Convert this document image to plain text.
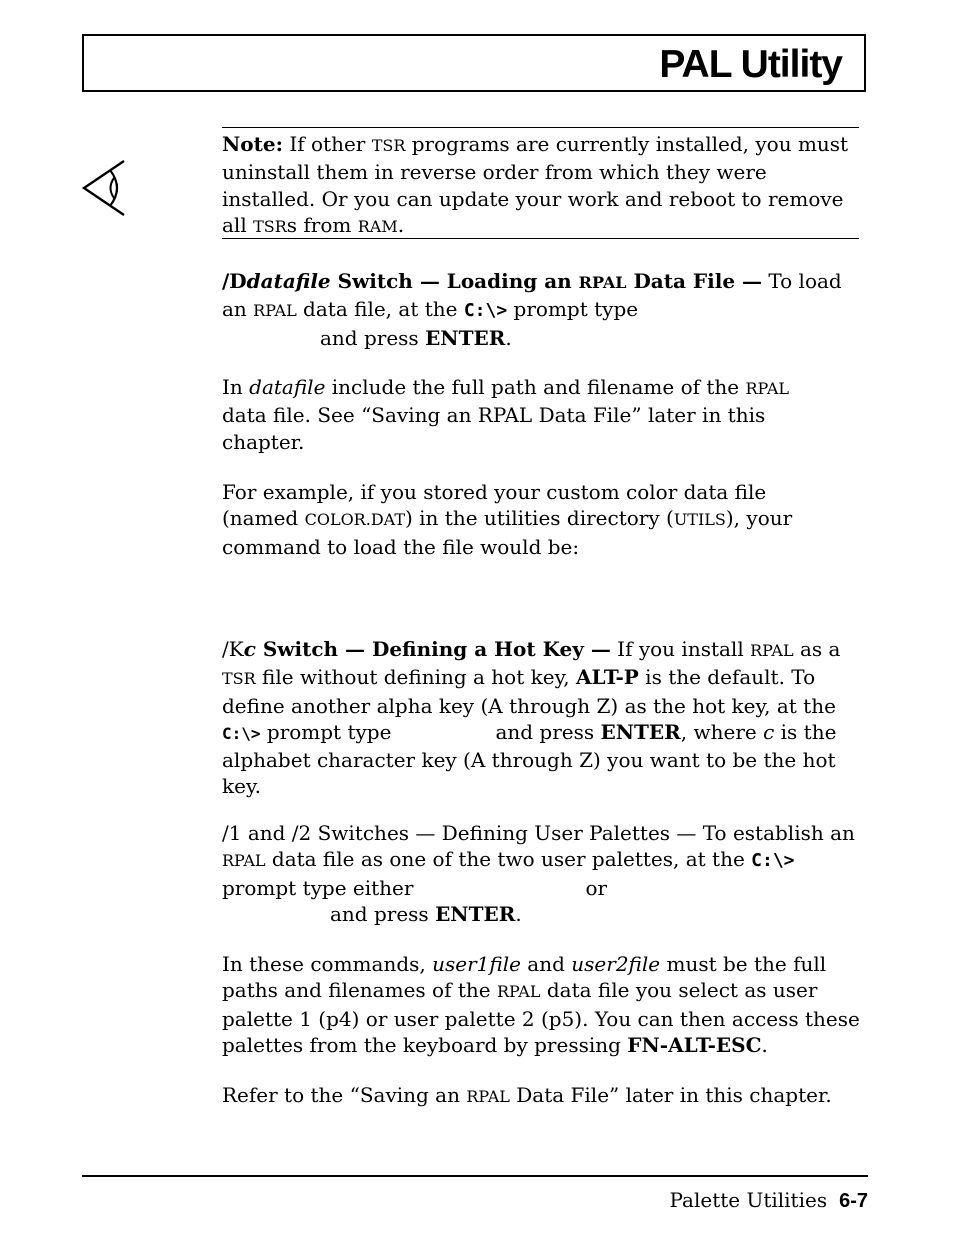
PAL Utility

Note: If other TSR programs are currently installed, you must uninstall them in reverse order from which they were installed. Or you can update your work and reboot to remove all TSRs from RAM.

/Ddatafile Switch — Loading an RPAL Data File — To load an RPAL data file, at the C:\> prompt type
and press ENTER.

In datafile include the full path and filename of the RPAL data file. See “Saving an RPAL Data File” later in this chapter.

For example, if you stored your custom color data file (named COLOR.DAT) in the utilities directory (UTILS), your command to load the file would be:

/Kc Switch — Defining a Hot Key — If you install RPAL as a TSR file without defining a hot key, ALT-P is the default. To define another alpha key (A through Z) as the hot key, at the C:\> prompt type	and press ENTER, where c is the alphabet character key (A through Z) you want to be the hot key.

/1 and /2 Switches — Defining User Palettes — To establish an RPAL data file as one of the two user palettes, at the C:\> prompt type either	or
and press ENTER.

In these commands, user1file and user2file must be the full paths and filenames of the RPAL data file you select as user palette 1 (p4) or user palette 2 (p5). You can then access these palettes from the keyboard by pressing FN-ALT-ESC.

Refer to the “Saving an RPAL Data File” later in this chapter.

Palette Utilities 6-7
